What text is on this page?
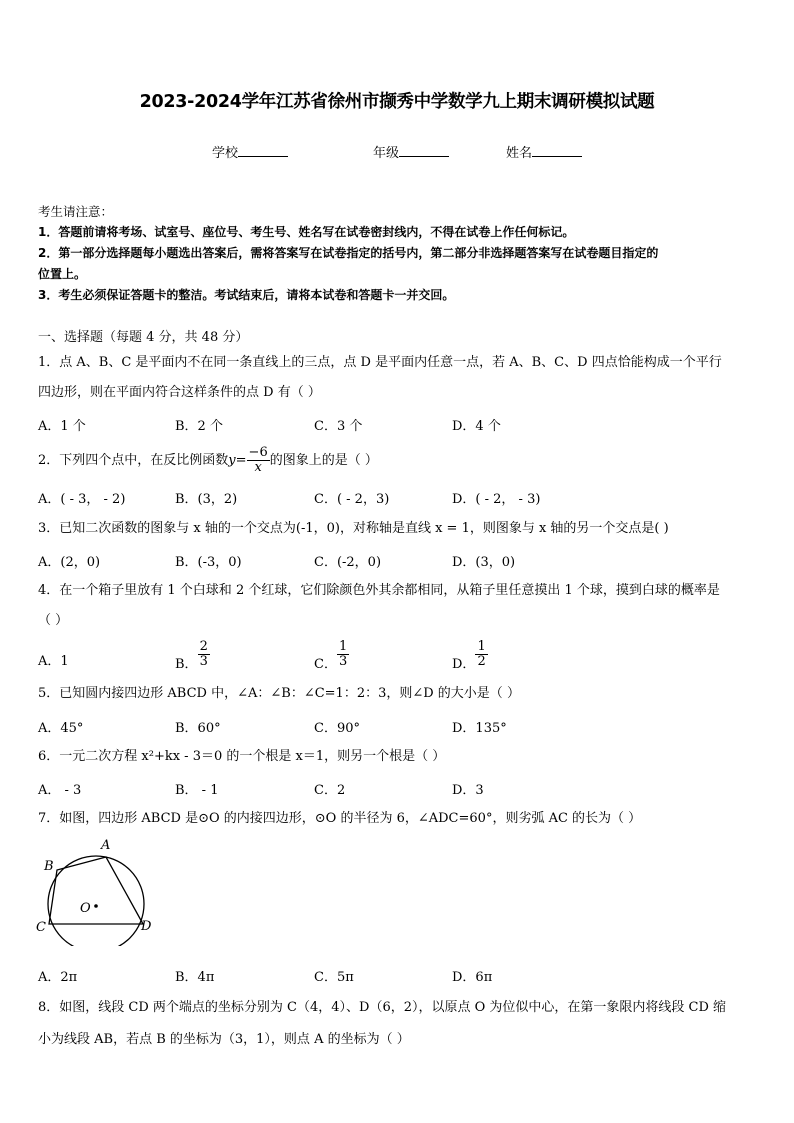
2023-2024学年江苏省徐州市撷秀中学数学九上期末调研模拟试题
学校	年级	姓名
考生请注意：

1．答题前请将考场、试室号、座位号、考生号、姓名写在试卷密封线内，不得在试卷上作任何标记。

2．第一部分选择题每小题选出答案后，需将答案写在试卷指定的括号内，第二部分非选择题答案写在试卷题目指定的

位置上。

3．考生必须保证答题卡的整洁。考试结束后，请将本试卷和答题卡一并交回。

一、选择题（每题 4 分，共 48 分）
1．点 A、B、C 是平面内不在同一条直线上的三点，点 D 是平面内任意一点，若 A、B、C、D 四点恰能构成一个平行
四边形，则在平面内符合这样条件的点 D 有（ ）
A．1 个	B．2 个	C．3 个	D．4 个
2．下列四个点中，在反比例函数$y= \frac{-6}{x}$ 的图象上的是（ ）
A．( - 3， - 2)	B．(3，2)	C．( - 2，3)	D．( - 2， - 3)
3．已知二次函数的图象与 x 轴的一个交点为(-1，0)，对称轴是直线 x = 1，则图象与 x 轴的另一个交点是( )
A．(2，0)	B．(-3，0)	C．(-2，0)	D．(3，0)
4．在一个箱子里放有 1 个白球和 2 个红球，它们除颜色外其余都相同，从箱子里任意摸出 1 个球，摸到白球的概率是
（ ）
A．1	B． $\frac{2}{3}$	C． $\frac{1}{3}$	D． $\frac{1}{2}$
5．已知圆内接四边形 ABCD 中，∠A：∠B：∠C=1：2：3，则∠D 的大小是（ ）
A．45°	B．60°	C．90°	D．135°
6．一元二次方程 x²+kx - 3＝0 的一个根是 x＝1，则另一个根是（ ）
A． - 3	B． - 1	C．2	D．3
7．如图，四边形 ABCD 是⊙O 的内接四边形，⊙O 的半径为 6，∠ADC=60°，则劣弧 AC 的长为（ ）
A
B
C	D
O
A．2π	B．4π	C．5π	D．6π
8．如图，线段 CD 两个端点的坐标分别为 C（4，4）、D（6，2），以原点 O 为位似中心，在第一象限内将线段 CD 缩
小为线段 AB，若点 B 的坐标为（3，1），则点 A 的坐标为（ ）
